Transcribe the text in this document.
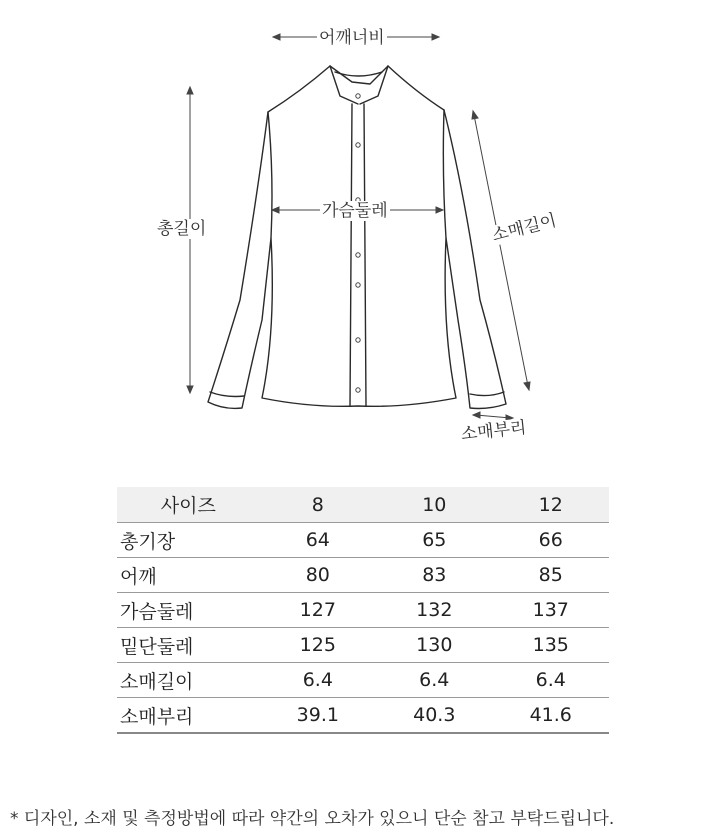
어깨너비
가슴둘레
총길이	소매길이
소매부리
사이즈	8	10	12
총기장	64	65	66
어깨	80	83	85
가슴둘레	127	132	137
밑단둘레	125	130	135
소매길이	6.4	6.4	6.4
소매부리	39.1	40.3	41.6
* 디자인, 소재 및 측정방법에 따라 약간의 오차가 있으니 단순 참고 부탁드립니다.
